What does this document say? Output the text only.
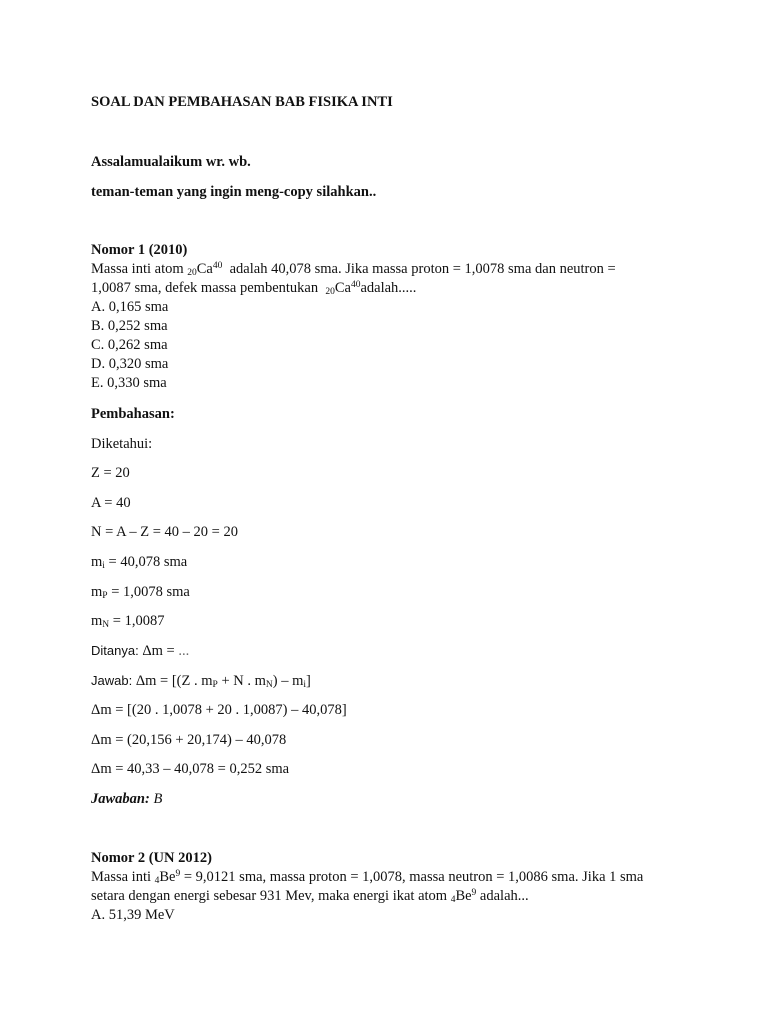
SOAL DAN PEMBAHASAN BAB FISIKA INTI
Assalamualaikum wr. wb.
teman-teman yang ingin meng-copy silahkan..
Nomor 1 (2010)
Massa inti atom $_{20}Ca^{40}$  adalah 40,078 sma. Jika massa proton = 1,0078 sma dan neutron =
1,0087 sma, defek massa pembentukan  $_{20}Ca^{40}adalah$.....
A. 0,165 sma
B. 0,252 sma
C. 0,262 sma
D. 0,320 sma
E. 0,330 sma
Pembahasan:
Diketahui:
Z = 20
A = 40
N = A – Z = 40 – 20 = 20
$m_i = 40,078$ sma
$m_P = 1,0078$ sma
$m_N = 1,0087$
Ditanya: Δm = ...
Jawab: Δm = [(Z . $m_P + N$ . $m_N) - m_i$]
Δm = [(20 . 1,0078 + 20 . 1,0087) – 40,078]
Δm = (20,156 + 20,174) – 40,078
Δm = 40,33 – 40,078 = 0,252 sma
Jawaban: B
Nomor 2 (UN 2012)
Massa inti $_4Be^9 = 9,0121$ sma, massa proton = 1,0078, massa neutron = 1,0086 sma. Jika 1 sma
setara dengan energi sebesar 931 Mev, maka energi ikat atom $_4Be^9$ adalah...
A. 51,39 MeV
